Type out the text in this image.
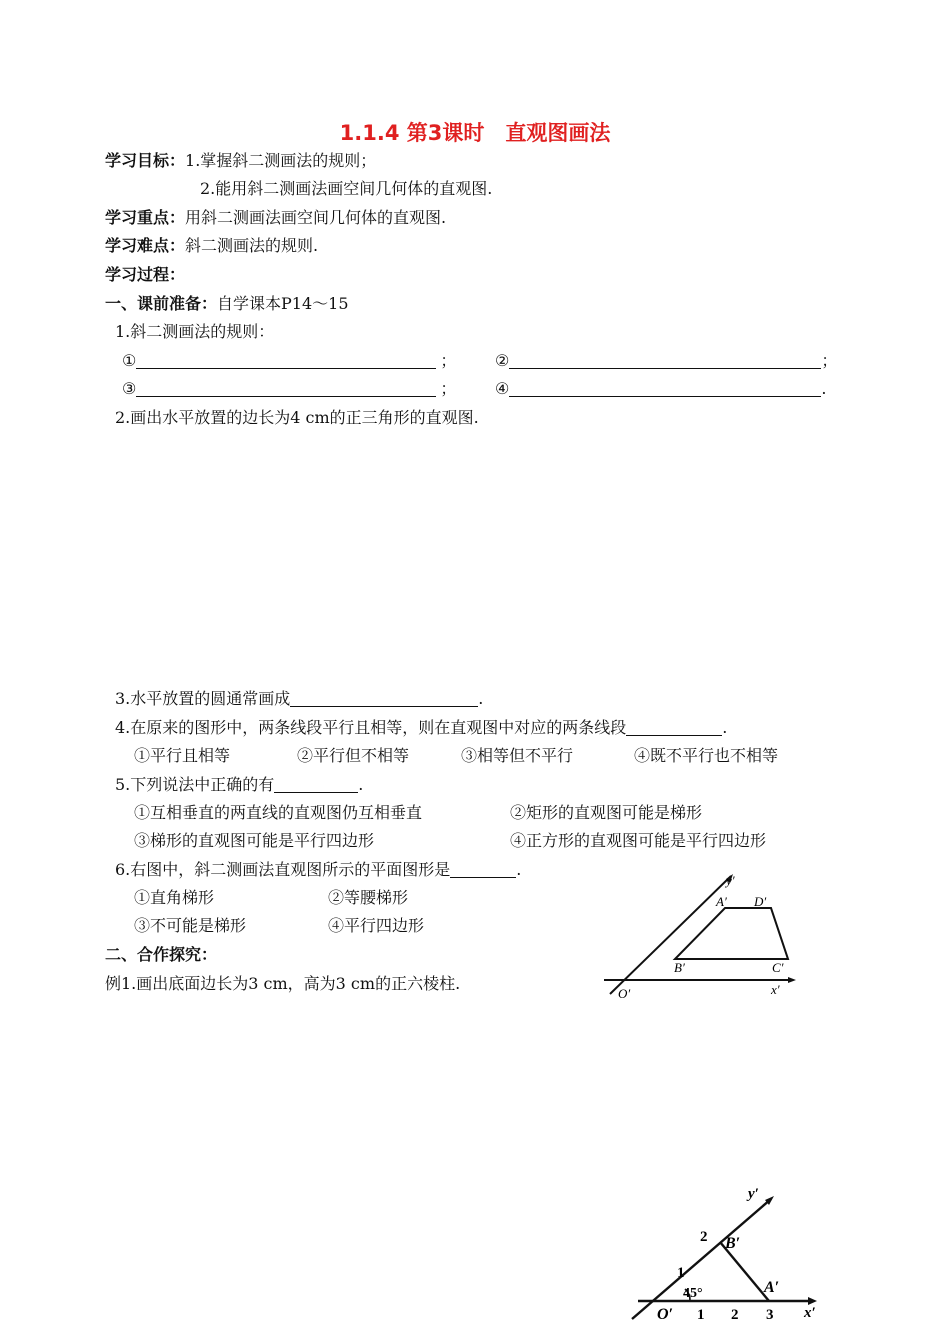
1.1.4 第3课时　直观图画法
学习目标：1.掌握斜二测画法的规则；
2.能用斜二测画法画空间几何体的直观图.
学习重点：用斜二测画法画空间几何体的直观图.
学习难点：斜二测画法的规则.
学习过程：
一、课前准备：自学课本P14～15
1.斜二测画法的规则：
①	； ②	；
③	； ④	.
2.画出水平放置的边长为4 cm的正三角形的直观图.
3.水平放置的圆通常画成	.
4.在原来的图形中，两条线段平行且相等，则在直观图中对应的两条线段	.
①平行且相等	②平行但不相等	③相等但不平行	④既不平行也不相等
5.下列说法中正确的有	.
①互相垂直的两直线的直观图仍互相垂直	②矩形的直观图可能是梯形
③梯形的直观图可能是平行四边形	④正方形的直观图可能是平行四边形
6.右图中，斜二测画法直观图所示的平面图形是	.
①直角梯形	②等腰梯形
③不可能是梯形	④平行四边形
二、合作探究：
例1.画出底面边长为3 cm，高为3 cm的正六棱柱.
y′
x′
O′
A′ D′
B′	C′
y′
x′
O′
A′
B′
45°
1 2 3
1
2
